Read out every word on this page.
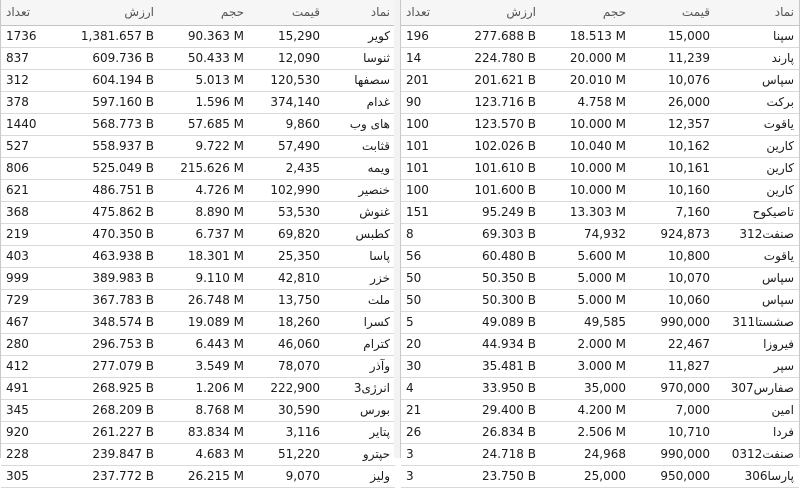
تعداد	ارزش	حجم	قیمت	نماد
1736	1,381.657 B	90.363 M	15,290	کویر
837	609.736 B	50.433 M	12,090	ثنوسا
312	604.194 B	5.013 M	120,530	سصفها
378	597.160 B	1.596 M	374,140	غدام
1440	568.773 B	57.685 M	9,860	های وب
527	558.937 B	9.722 M	57,490	قثابت
806	525.049 B	215.626 M	2,435	ویمه
621	486.751 B	4.726 M	102,990	خنصیر
368	475.862 B	8.890 M	53,530	غنوش
219	470.350 B	6.737 M	69,820	کطبس
403	463.938 B	18.301 M	25,350	پاسا
999	389.983 B	9.110 M	42,810	خزر
729	367.783 B	26.748 M	13,750	ملت
467	348.574 B	19.089 M	18,260	کسرا
280	296.753 B	6.443 M	46,060	کترام
412	277.079 B	3.549 M	78,070	وآذر
491	268.925 B	1.206 M	222,900	انرژی3
345	268.209 B	8.768 M	30,590	بورس
920	261.227 B	83.834 M	3,116	پتایر
228	239.847 B	4.683 M	51,220	حپترو
305	237.772 B	26.215 M	9,070	ولیز
تعداد	ارزش	حجم	قیمت	نماد
196	277.688 B	18.513 M	15,000	سپنا
14	224.780 B	20.000 M	11,239	پارند
201	201.621 B	20.010 M	10,076	سپاس
90	123.716 B	4.758 M	26,000	برکت
100	123.570 B	10.000 M	12,357	یاقوت
101	102.026 B	10.040 M	10,162	کارین
101	101.610 B	10.000 M	10,161	کارین
100	101.600 B	10.000 M	10,160	کارین
151	95.249 B	13.303 M	7,160	تاصیکوح
8	69.303 B	74,932	924,873	صنفت312
56	60.480 B	5.600 M	10,800	یاقوت
50	50.350 B	5.000 M	10,070	سپاس
50	50.300 B	5.000 M	10,060	سپاس
5	49.089 B	49,585	990,000	صشستا311
20	44.934 B	2.000 M	22,467	فیروزا
30	35.481 B	3.000 M	11,827	سپر
4	33.950 B	35,000	970,000	صفارس307
21	29.400 B	4.200 M	7,000	امین
26	26.834 B	2.506 M	10,710	فردا
3	24.718 B	24,968	990,000	صنفت0312
3	23.750 B	25,000	950,000	پارسا306
